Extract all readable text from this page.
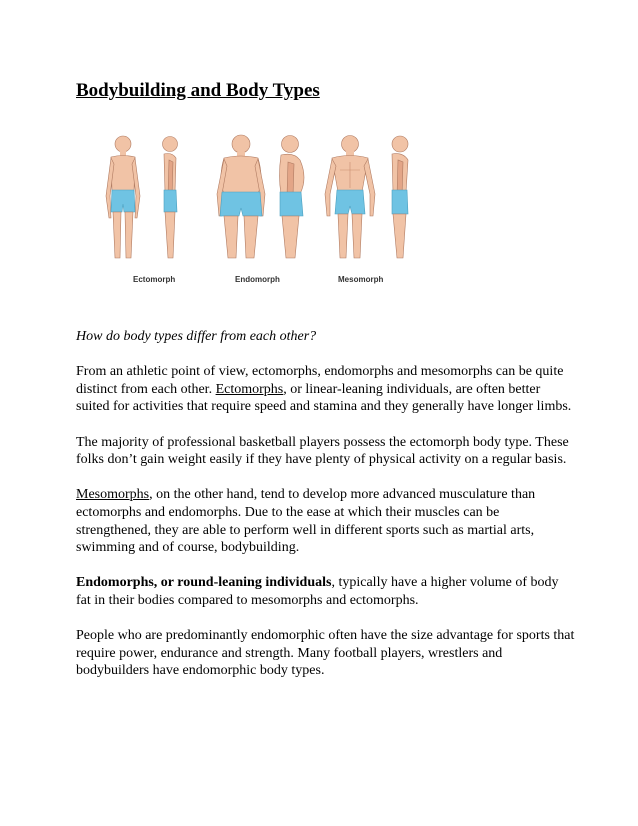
Bodybuilding and Body Types
Ectomorph	Endomorph	Mesomorph

How do body types differ from each other?

From an athletic point of view, ectomorphs, endomorphs and mesomorphs can be quite distinct from each other. Ectomorphs, or linear-leaning individuals, are often better suited for activities that require speed and stamina and they generally have longer limbs.

The majority of professional basketball players possess the ectomorph body type. These folks don’t gain weight easily if they have plenty of physical activity on a regular basis.

Mesomorphs, on the other hand, tend to develop more advanced musculature than ectomorphs and endomorphs. Due to the ease at which their muscles can be strengthened, they are able to perform well in different sports such as martial arts, swimming and of course, bodybuilding.

Endomorphs, or round-leaning individuals, typically have a higher volume of body fat in their bodies compared to mesomorphs and ectomorphs.

People who are predominantly endomorphic often have the size advantage for sports that require power, endurance and strength. Many football players, wrestlers and bodybuilders have endomorphic body types.
